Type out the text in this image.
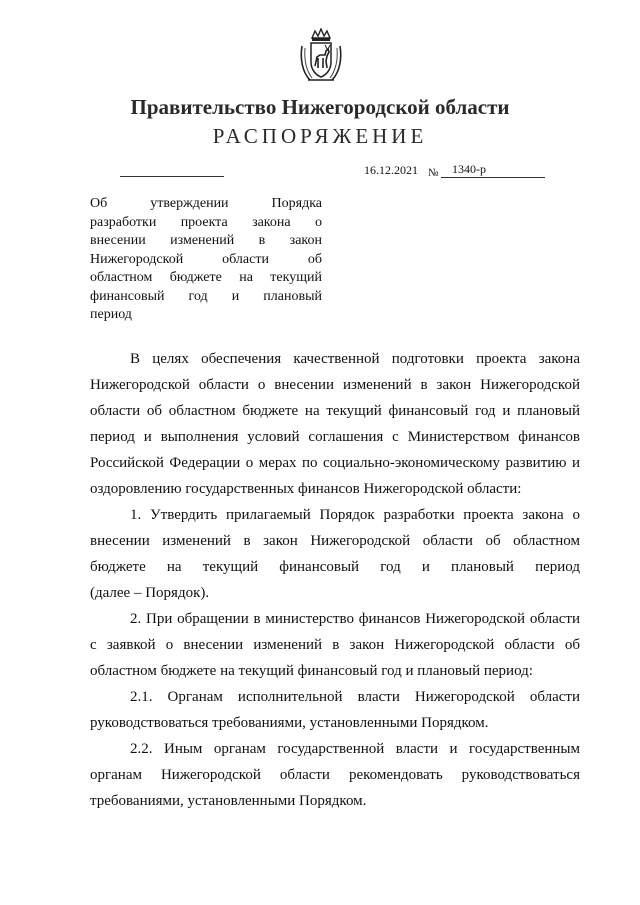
Правительство Нижегородской области
РАСПОРЯЖЕНИЕ
16.12.2021 № 1340-р
Об утверждении Порядка
разработки проекта закона о
внесении изменений в закон
Нижегородской области об
областном бюджете на текущий
финансовый год и плановый
период
В целях обеспечения качественной подготовки проекта закона
Нижегородской области о внесении изменений в закон Нижегородской
области об областном бюджете на текущий финансовый год и плановый
период и выполнения условий соглашения с Министерством финансов
Российской Федерации о мерах по социально-экономическому развитию и
оздоровлению государственных финансов Нижегородской области:
1. Утвердить прилагаемый Порядок разработки проекта закона о
внесении изменений в закон Нижегородской области об областном
бюджете на текущий финансовый год и плановый период
(далее – Порядок).
2. При обращении в министерство финансов Нижегородской области
с заявкой о внесении изменений в закон Нижегородской области об
областном бюджете на текущий финансовый год и плановый период:
2.1. Органам исполнительной власти Нижегородской области
руководствоваться требованиями, установленными Порядком.
2.2. Иным органам государственной власти и государственным
органам Нижегородской области рекомендовать руководствоваться
требованиями, установленными Порядком.
